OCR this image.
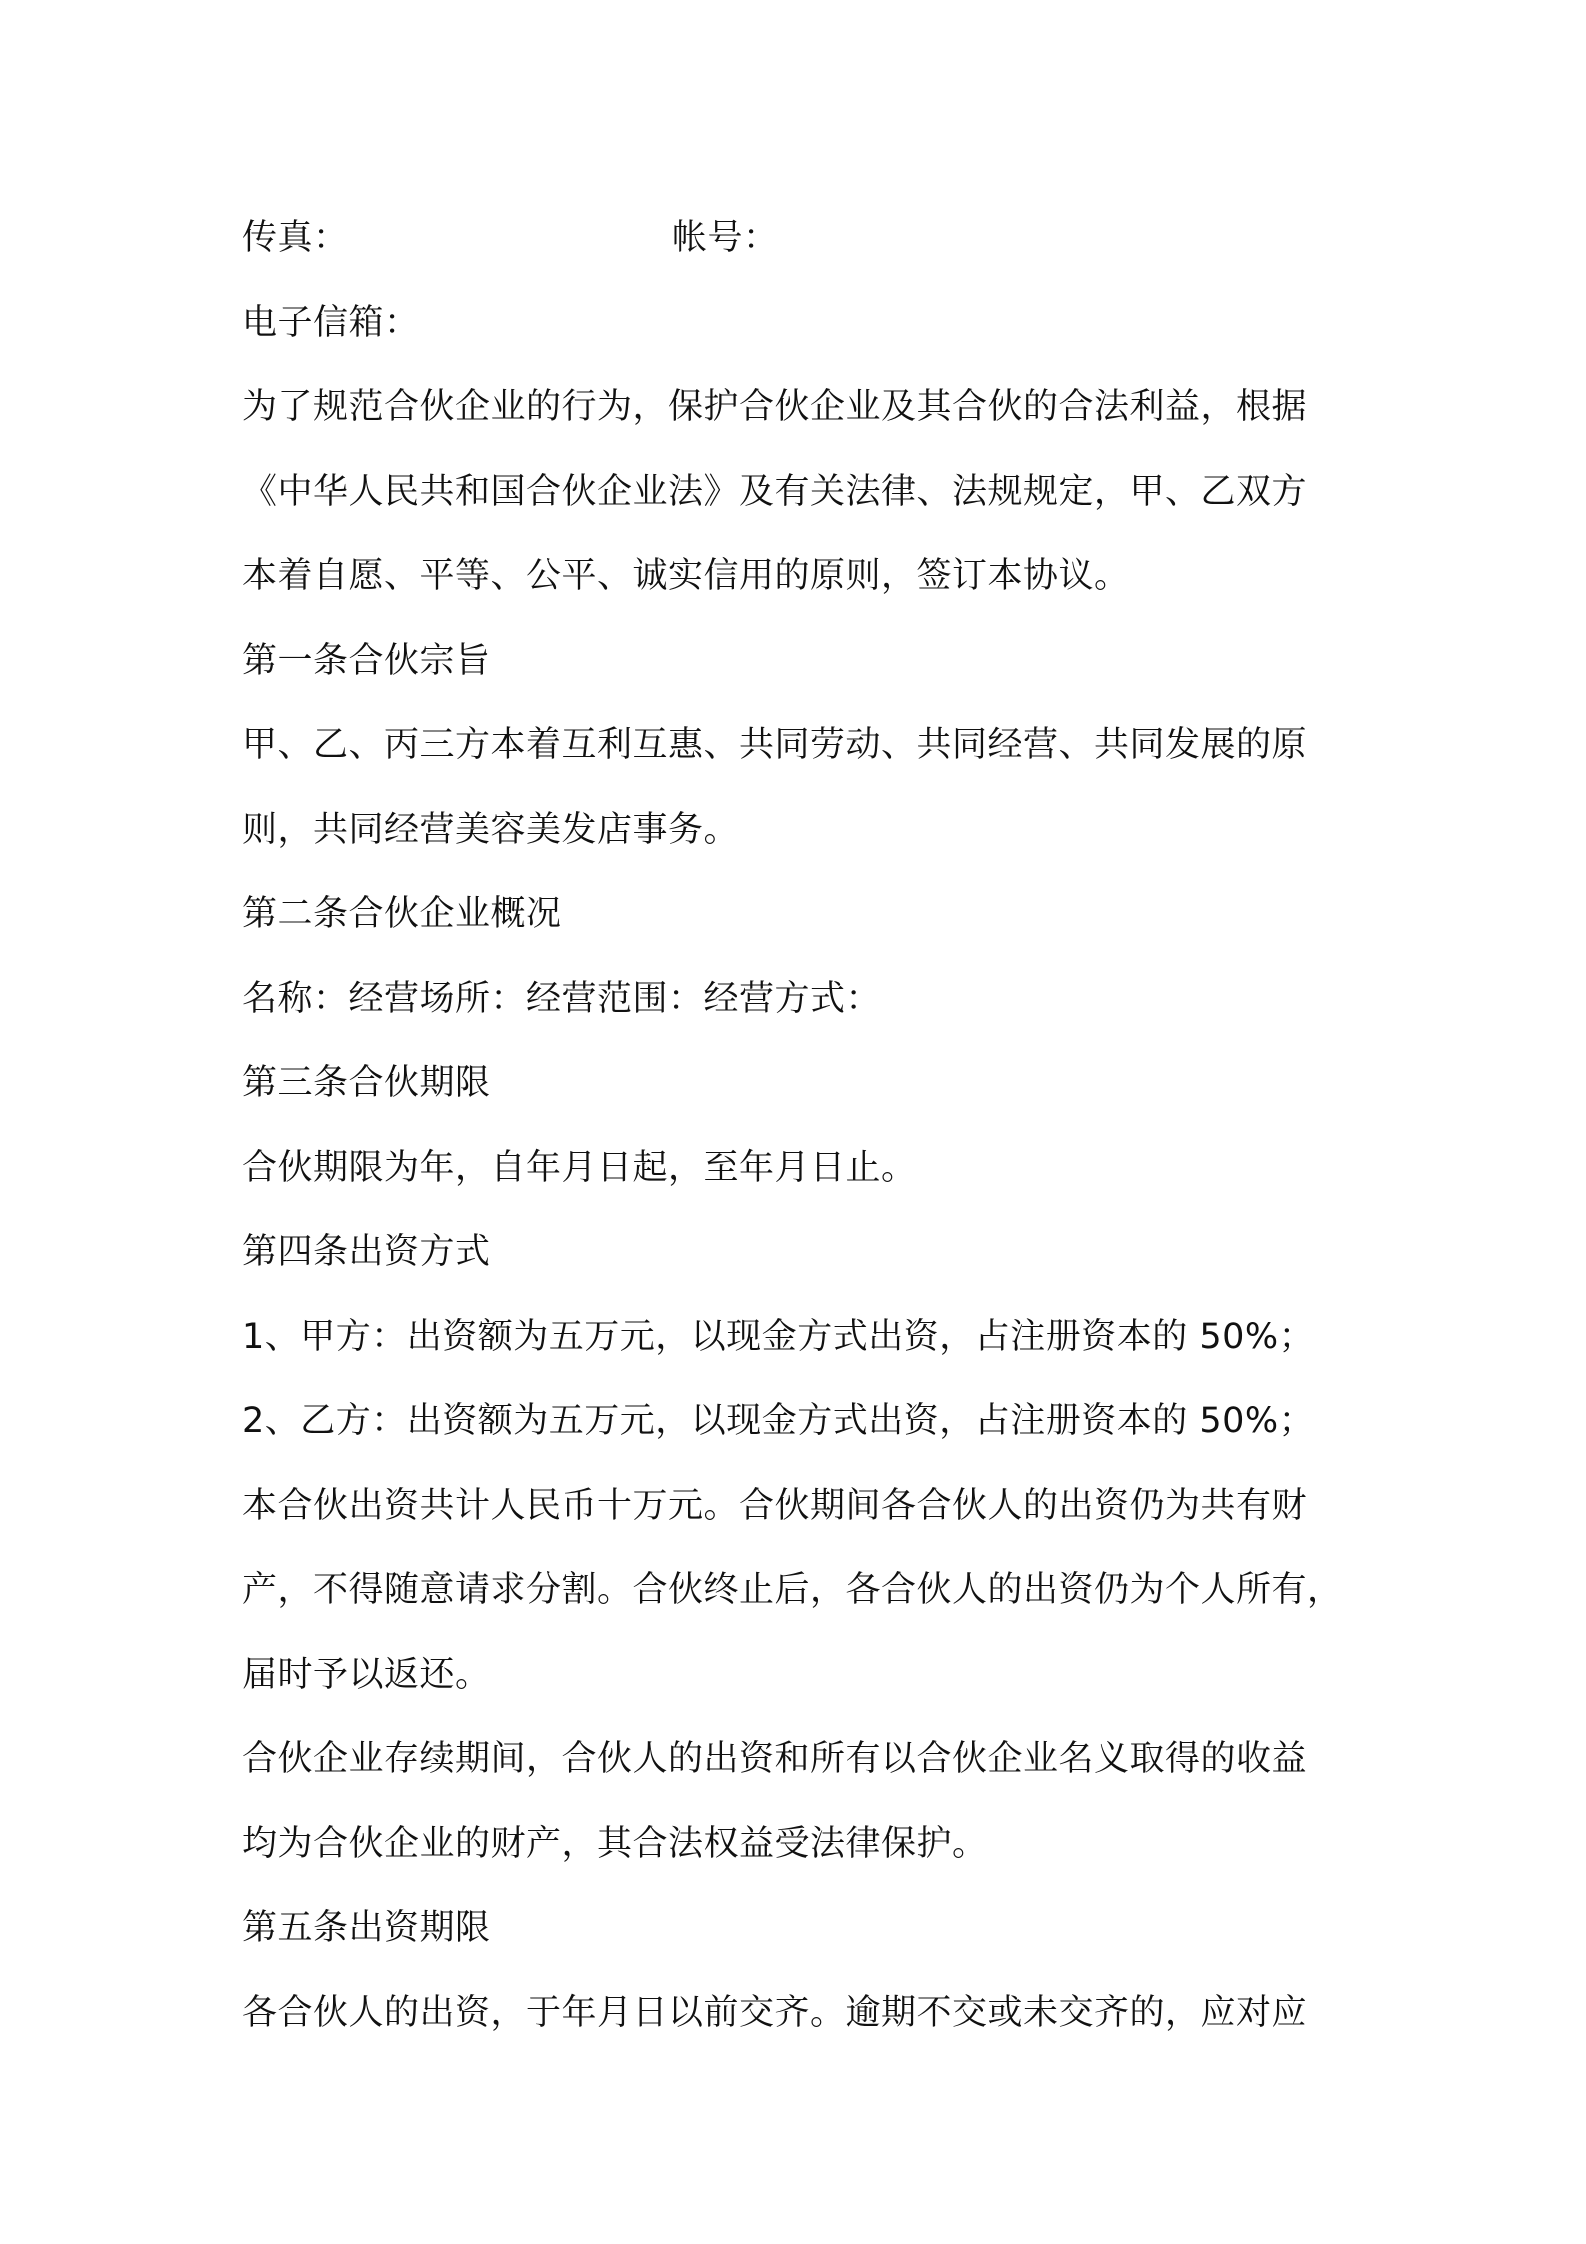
传真：	帐号：
电子信箱：
为了规范合伙企业的行为，保护合伙企业及其合伙的合法利益，根据
《中华人民共和国合伙企业法》及有关法律、法规规定，甲、乙双方
本着自愿、平等、公平、诚实信用的原则，签订本协议。
第一条合伙宗旨
甲、乙、丙三方本着互利互惠、共同劳动、共同经营、共同发展的原
则，共同经营美容美发店事务。
第二条合伙企业概况
名称：经营场所：经营范围：经营方式：
第三条合伙期限
合伙期限为年，自年月日起，至年月日止。
第四条出资方式
1、甲方：出资额为五万元，以现金方式出资，占注册资本的 50%；
2、乙方：出资额为五万元，以现金方式出资，占注册资本的 50%；
本合伙出资共计人民币十万元。合伙期间各合伙人的出资仍为共有财
产，不得随意请求分割。合伙终止后，各合伙人的出资仍为个人所有，
届时予以返还。
合伙企业存续期间，合伙人的出资和所有以合伙企业名义取得的收益
均为合伙企业的财产，其合法权益受法律保护。
第五条出资期限
各合伙人的出资，于年月日以前交齐。逾期不交或未交齐的，应对应
